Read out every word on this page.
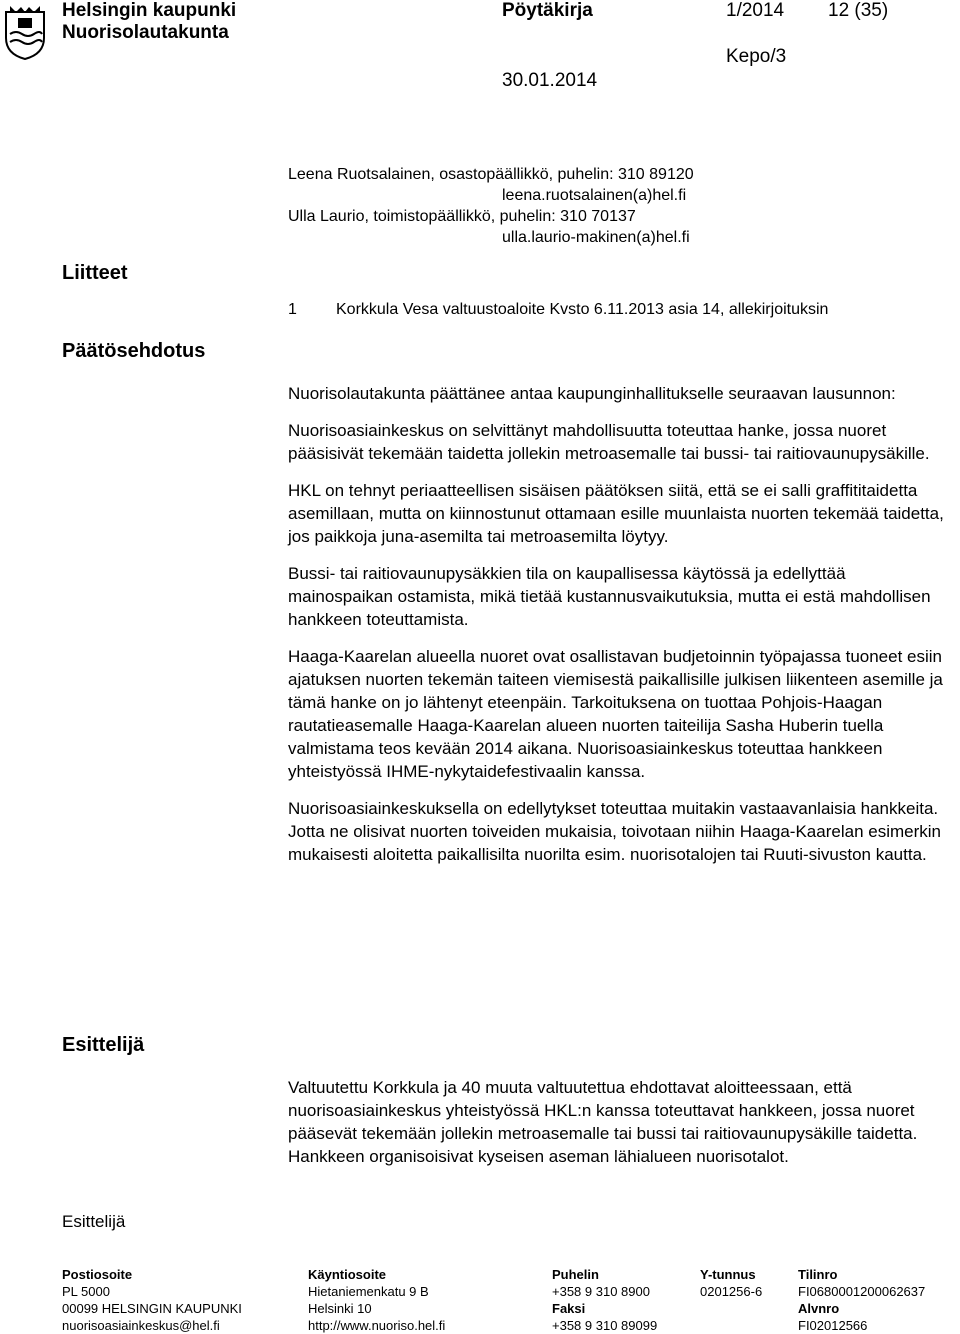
Helsingin kaupunki
Nuorisolautakunta
Pöytäkirja	1/2014 12 (35)
Kepo/3
30.01.2014
Leena Ruotsalainen, osastopäällikkö, puhelin: 310 89120
leena.ruotsalainen(a)hel.fi
Ulla Laurio, toimistopäällikkö, puhelin: 310 70137
ulla.laurio-makinen(a)hel.fi
Liitteet
Päätösehdotus
Esittelijä
Esittelijä
1 Korkkula Vesa valtuustoaloite Kvsto 6.11.2013 asia 14, allekirjoituksin

Nuorisolautakunta päättänee antaa kaupunginhallitukselle seuraavan lausunnon:

Nuorisoasiainkeskus on selvittänyt mahdollisuutta toteuttaa hanke, jossa nuoret pääsisivät tekemään taidetta jollekin metroasemalle tai bussi- tai raitiovaunupysäkille.

HKL on tehnyt periaatteellisen sisäisen päätöksen siitä, että se ei salli graffititaidetta asemillaan, mutta on kiinnostunut ottamaan esille muunlaista nuorten tekemää taidetta, jos paikkoja juna-asemilta tai metroasemilta löytyy.

Bussi- tai raitiovaunupysäkkien tila on kaupallisessa käytössä ja edellyttää mainospaikan ostamista, mikä tietää kustannusvaikutuksia, mutta ei estä mahdollisen hankkeen toteuttamista.

Haaga-Kaarelan alueella nuoret ovat osallistavan budjetoinnin työpajassa tuoneet esiin ajatuksen nuorten tekemän taiteen viemisestä paikallisille julkisen liikenteen asemille ja tämä hanke on jo lähtenyt eteenpäin. Tarkoituksena on tuottaa Pohjois-Haagan rautatieasemalle Haaga-Kaarelan alueen nuorten taiteilija Sasha Huberin tuella valmistama teos kevään 2014 aikana. Nuorisoasiainkeskus toteuttaa hankkeen yhteistyössä IHME-nykytaidefestivaalin kanssa.

Nuorisoasiainkeskuksella on edellytykset toteuttaa muitakin vastaavanlaisia hankkeita. Jotta ne olisivat nuorten toiveiden mukaisia, toivotaan niihin Haaga-Kaarelan esimerkin mukaisesti aloitetta paikallisilta nuorilta esim. nuorisotalojen tai Ruuti-sivuston kautta.

Valtuutettu Korkkula ja 40 muuta valtuutettua ehdottavat aloitteessaan, että nuorisoasiainkeskus yhteistyössä HKL:n kanssa toteuttavat hankkeen, jossa nuoret pääsevät tekemään jollekin metroasemalle tai bussi tai raitiovaunupysäkille taidetta. Hankkeen organisoisivat kyseisen aseman lähialueen nuorisotalot.

Postiosoite
PL 5000
00099 HELSINGIN KAUPUNKI
nuorisoasiainkeskus@hel.fi
Käyntiosoite
Hietaniemenkatu 9 B
Helsinki 10
http://www.nuoriso.hel.fi
Puhelin
+358 9 310 8900
Faksi
+358 9 310 89099
Y-tunnus
0201256-6
Tilinro
FI0680001200062637
Alvnro
FI02012566
